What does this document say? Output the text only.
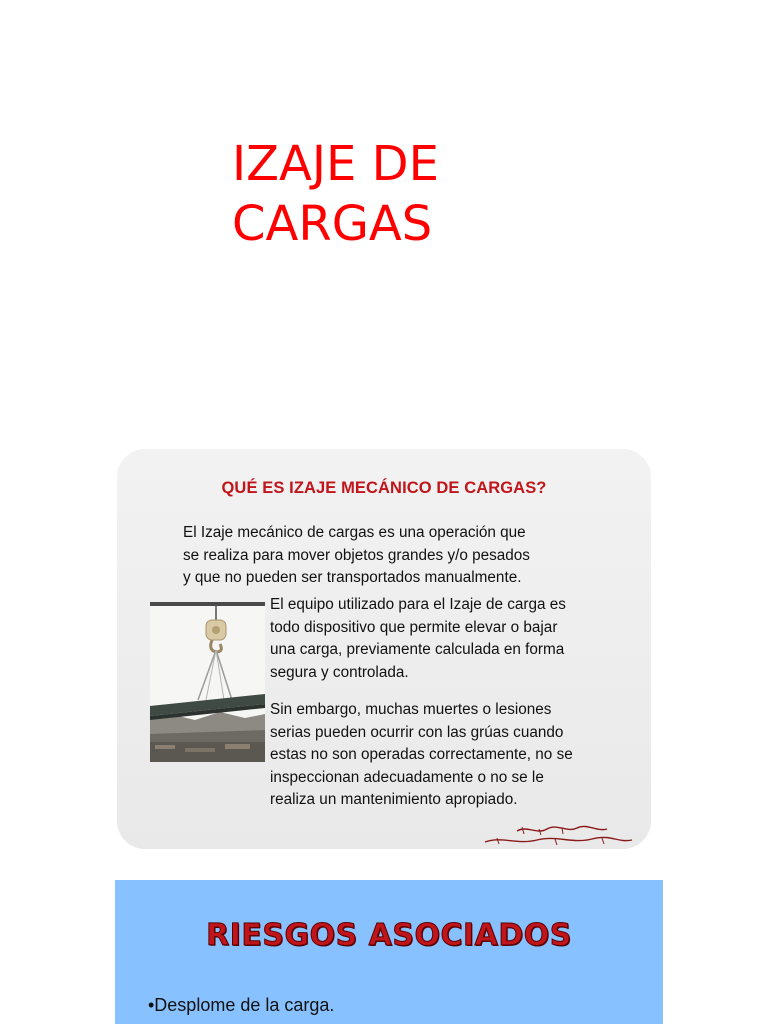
IZAJE DE
CARGAS
QUÉ ES IZAJE MECÁNICO DE CARGAS?

El Izaje mecánico de cargas es una operación que
se realiza para mover objetos grandes y/o pesados
y que no pueden ser transportados manualmente.

El equipo utilizado para el Izaje de carga es
todo dispositivo que permite elevar o bajar
una carga, previamente calculada en forma
segura y controlada.

Sin embargo, muchas muertes o lesiones
serias pueden ocurrir con las grúas cuando
estas no son operadas correctamente, no se
inspeccionan adecuadamente o no se le
realiza un mantenimiento apropiado.

RIESGOS ASOCIADOS
•Desplome de la carga.
